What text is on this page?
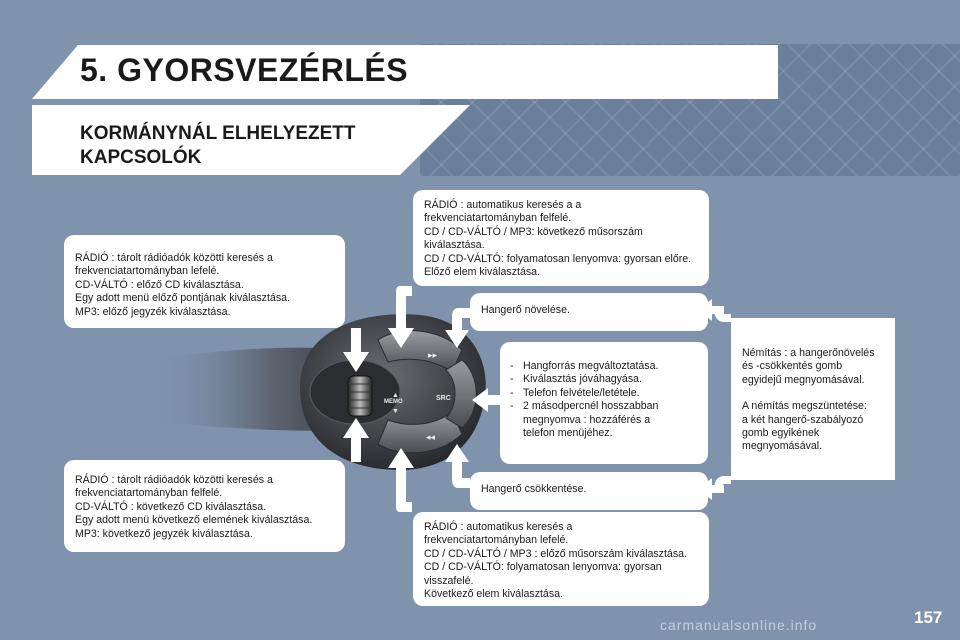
5. GYORSVEZÉRLÉS
KORMÁNYNÁL ELHELYEZETT
KAPCSOLÓK
▸▸
◂◂
SRC
MEMO
▲
▼
RÁDIÓ : tárolt rádióadók közötti keresés a
frekvenciatartományban lefelé.
CD-VÁLTÓ : előző CD kiválasztása.
Egy adott menü előző pontjának kiválasztása.
MP3: előző jegyzék kiválasztása.
RÁDIÓ : tárolt rádióadók közötti keresés a
frekvenciatartományban felfelé.
CD-VÁLTÓ : következő CD kiválasztása.
Egy adott menü következő elemének kiválasztása.
MP3: következő jegyzék kiválasztása.
RÁDIÓ : automatikus keresés a a
frekvenciatartományban felfelé.
CD / CD-VÁLTÓ / MP3: következő műsorszám
kiválasztása.
CD / CD-VÁLTÓ: folyamatosan lenyomva: gyorsan előre.
Előző elem kiválasztása.
RÁDIÓ : automatikus keresés a
frekvenciatartományban lefelé.
CD / CD-VÁLTÓ / MP3 : előző műsorszám kiválasztása.
CD / CD-VÁLTÓ: folyamatosan lenyomva: gyorsan
visszafelé.
Következő elem kiválasztása.
Hangerő növelése.
- Hangforrás megváltoztatása.
- Kiválasztás jóváhagyása.
- Telefon felvétele/letétele.
- 2 másodpercnél hosszabban
megnyomva : hozzáférés a
telefon menüjéhez.
Hangerő csökkentése.
Némítás : a hangerőnövelés
és -csökkentés gomb
egyidejű megnyomásával.
A némítás megszüntetése:
a két hangerő-szabályozó
gomb egyikének
megnyomásával.
carmanualsonline.info	157
